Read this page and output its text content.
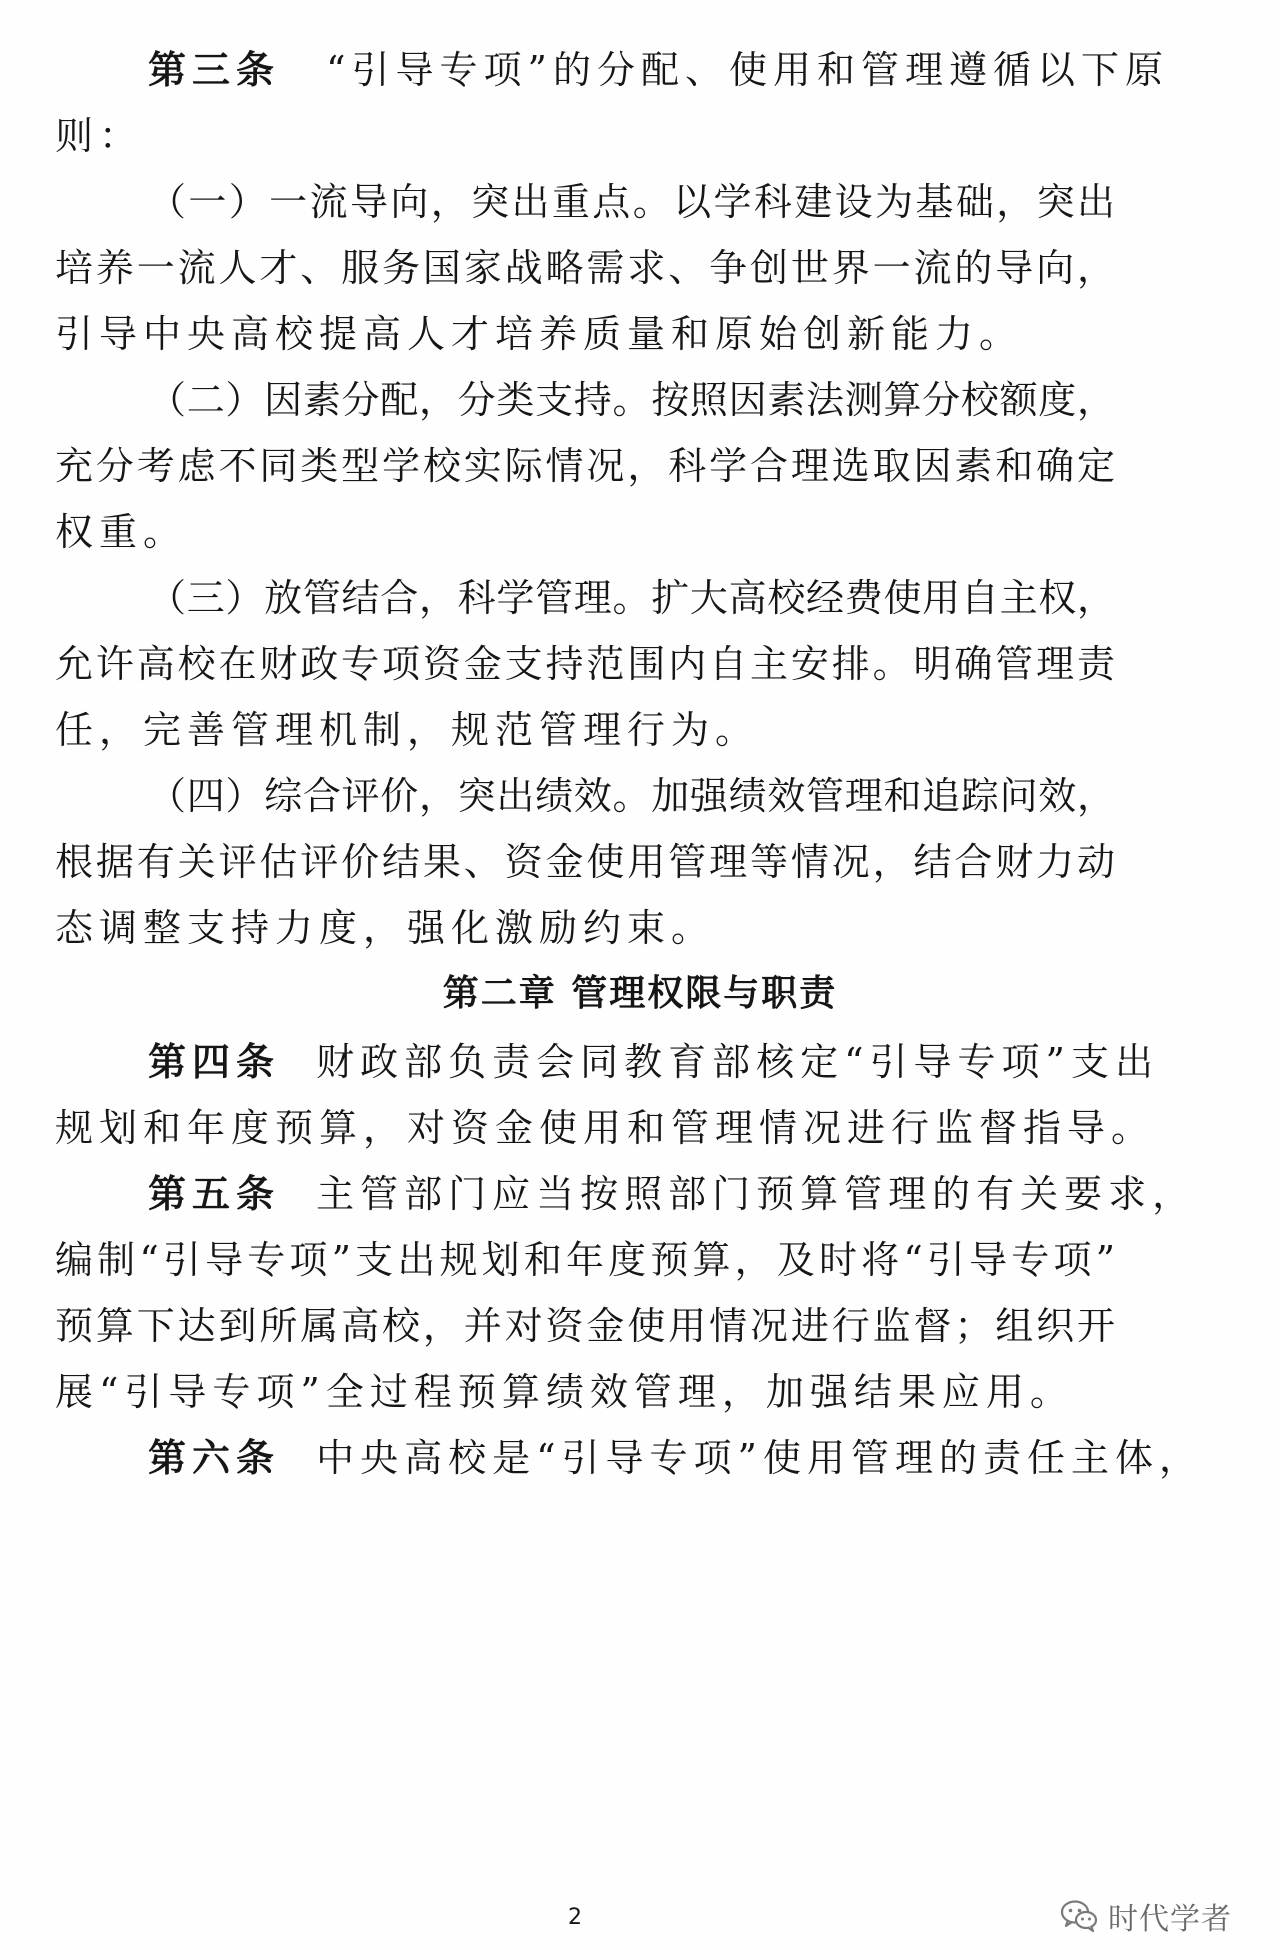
第三条 “引导专项”的分配、使用和管理遵循以下原
则：
（一）一流导向，突出重点。以学科建设为基础，突出
培养一流人才、服务国家战略需求、争创世界一流的导向，
引导中央高校提高人才培养质量和原始创新能力。
（二）因素分配，分类支持。按照因素法测算分校额度，
充分考虑不同类型学校实际情况，科学合理选取因素和确定
权重。
（三）放管结合，科学管理。扩大高校经费使用自主权，
允许高校在财政专项资金支持范围内自主安排。明确管理责
任，完善管理机制，规范管理行为。
（四）综合评价，突出绩效。加强绩效管理和追踪问效，
根据有关评估评价结果、资金使用管理等情况，结合财力动
态调整支持力度，强化激励约束。
第二章 管理权限与职责
第四条 财政部负责会同教育部核定“引导专项”支出
规划和年度预算，对资金使用和管理情况进行监督指导。
第五条 主管部门应当按照部门预算管理的有关要求，
编制“引导专项”支出规划和年度预算，及时将“引导专项”
预算下达到所属高校，并对资金使用情况进行监督；组织开
展“引导专项”全过程预算绩效管理，加强结果应用。
第六条 中央高校是“引导专项”使用管理的责任主体，
2	时代学者
